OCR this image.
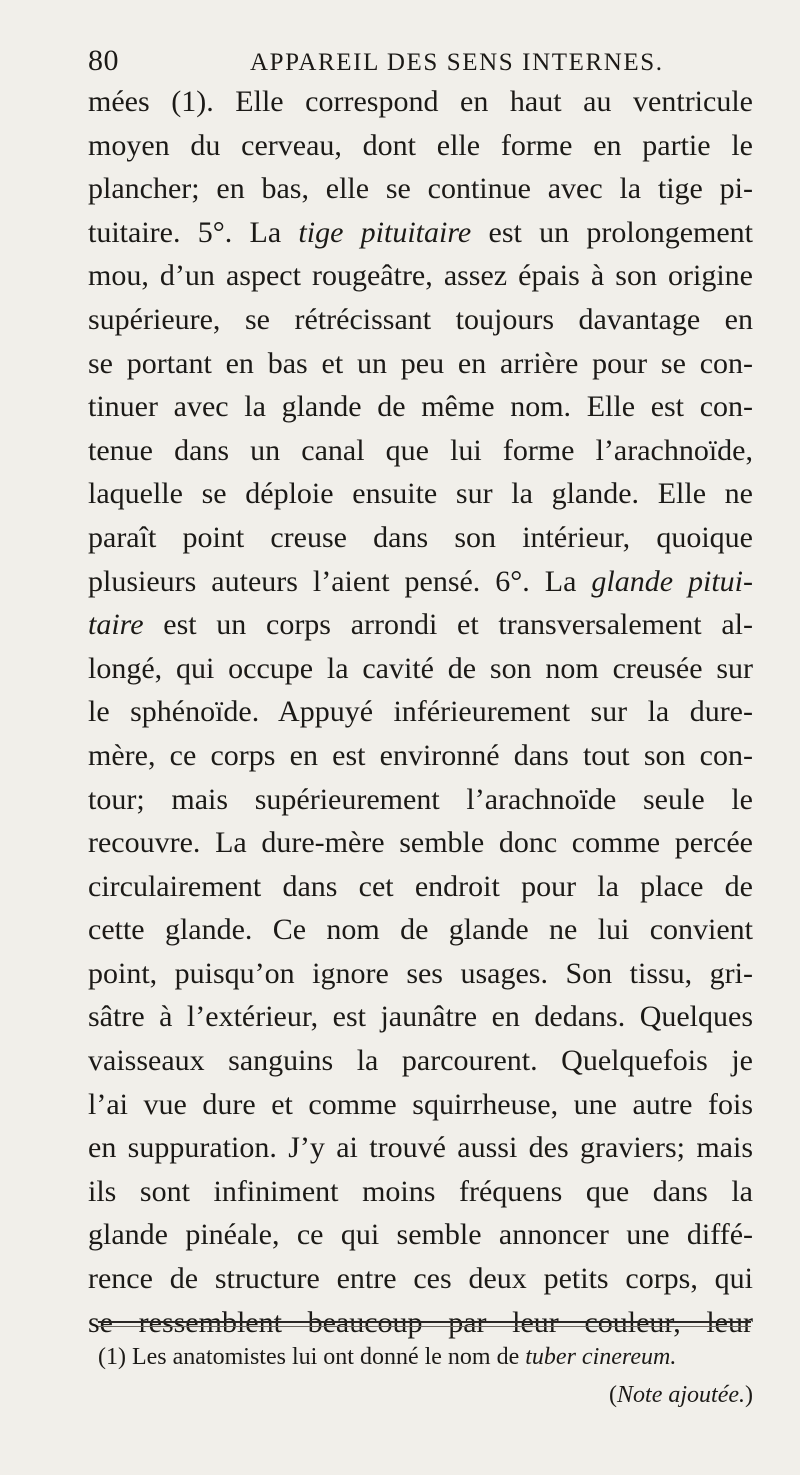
80	APPAREIL DES SENS INTERNES.
mées (1). Elle correspond en haut au ventricule
moyen du cerveau, dont elle forme en partie le
plancher; en bas, elle se continue avec la tige pi-
tuitaire. 5°. La tige pituitaire est un prolongement
mou, d’un aspect rougeâtre, assez épais à son origine
supérieure, se rétrécissant toujours davantage en
se portant en bas et un peu en arrière pour se con-
tinuer avec la glande de même nom. Elle est con-
tenue dans un canal que lui forme l’arachnoïde,
laquelle se déploie ensuite sur la glande. Elle ne
paraît point creuse dans son intérieur, quoique
plusieurs auteurs l’aient pensé. 6°. La glande pitui-
taire est un corps arrondi et transversalement al-
longé, qui occupe la cavité de son nom creusée sur
le sphénoïde. Appuyé inférieurement sur la dure-
mère, ce corps en est environné dans tout son con-
tour; mais supérieurement l’arachnoïde seule le
recouvre. La dure-mère semble donc comme percée
circulairement dans cet endroit pour la place de
cette glande. Ce nom de glande ne lui convient
point, puisqu’on ignore ses usages. Son tissu, gri-
sâtre à l’extérieur, est jaunâtre en dedans. Quelques
vaisseaux sanguins la parcourent. Quelquefois je
l’ai vue dure et comme squirrheuse, une autre fois
en suppuration. J’y ai trouvé aussi des graviers; mais
ils sont infiniment moins fréquens que dans la
glande pinéale, ce qui semble annoncer une diffé-
rence de structure entre ces deux petits corps, qui
se ressemblent beaucoup par leur couleur, leur
(1) Les anatomistes lui ont donné le nom de tuber cinereum.
(Note ajoutée.)
